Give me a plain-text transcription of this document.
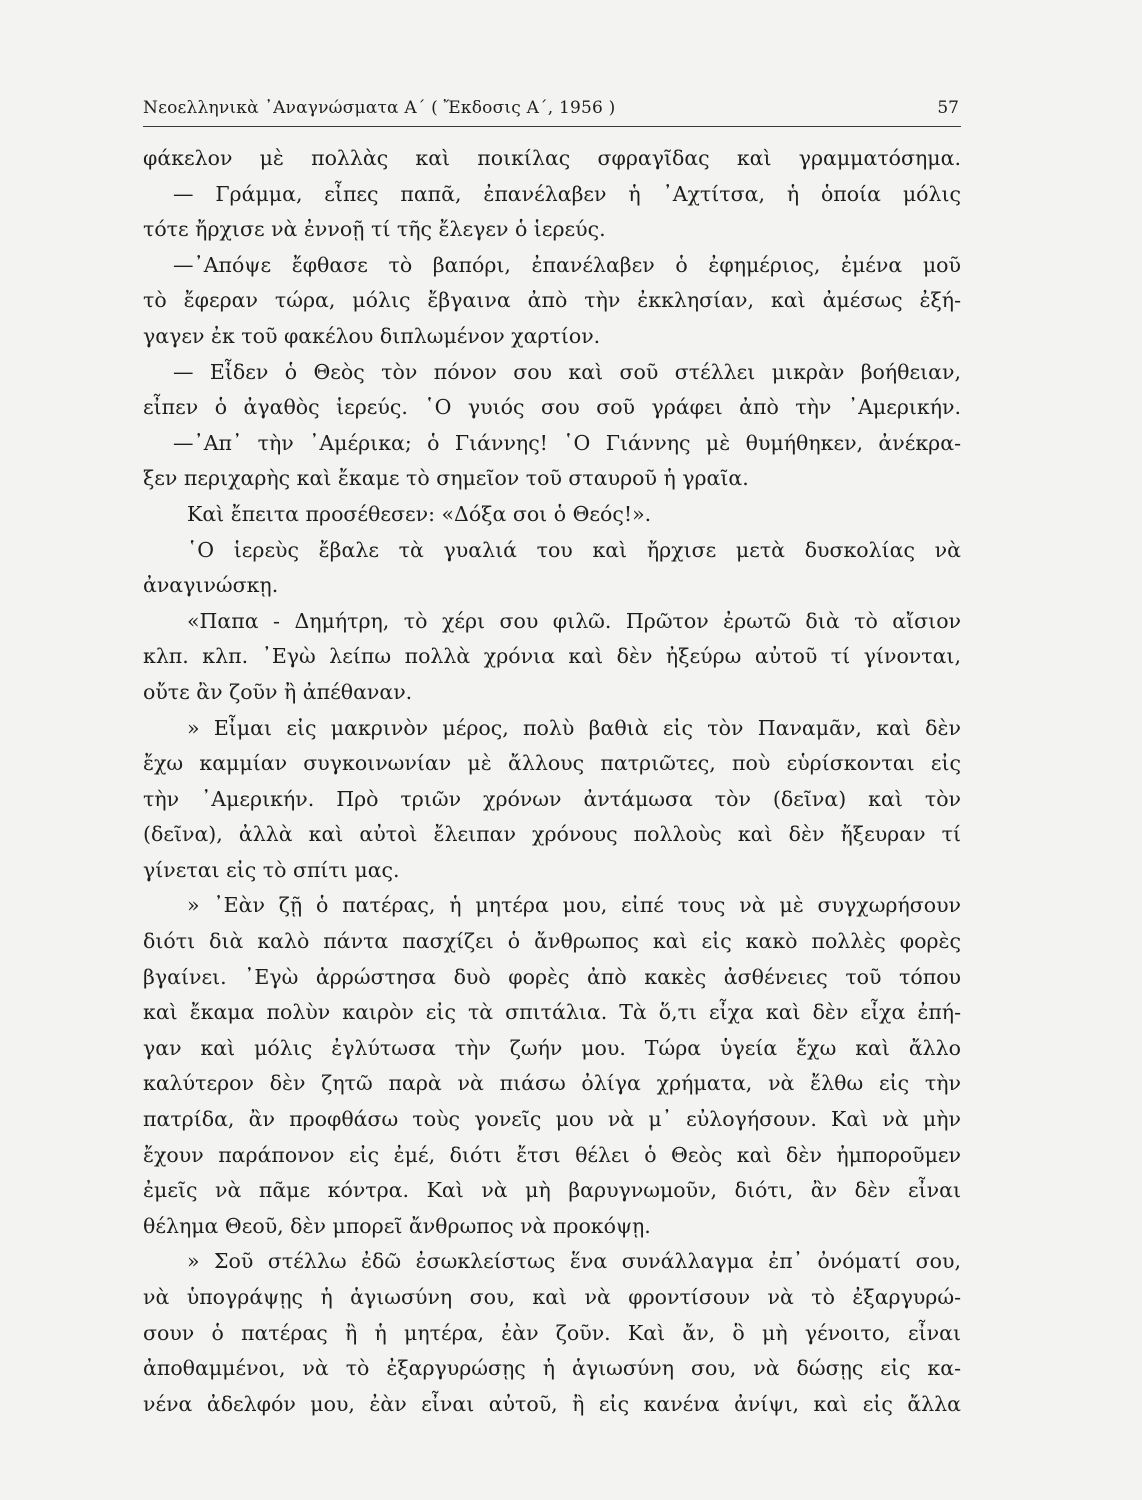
Νεοελληνικὰ ᾿Αναγνώσματα Α΄ ( Ἔκδοσις Α΄, 1956 )	57
φάκελον μὲ πολλὰς καὶ ποικίλας σφραγῖδας καὶ γραμματόσημα.
— Γράμμα, εἶπες παπᾶ, ἐπανέλαβεν ἡ ᾿Αχτίτσα, ἡ ὁποία μόλις
τότε ἤρχισε νὰ ἐννοῇ τί τῆς ἔλεγεν ὁ ἱερεύς.
—᾿Απόψε ἔφθασε τὸ βαπόρι, ἐπανέλαβεν ὁ ἐφημέριος, ἐμένα μοῦ
τὸ ἔφεραν τώρα, μόλις ἔβγαινα ἀπὸ τὴν ἐκκλησίαν, καὶ ἀμέσως ἐξή-
γαγεν ἐκ τοῦ φακέλου διπλωμένον χαρτίον.
— Εἶδεν ὁ Θεὸς τὸν πόνον σου καὶ σοῦ στέλλει μικρὰν βοήθειαν,
εἶπεν ὁ ἀγαθὸς ἱερεύς. ῾Ο γυιός σου σοῦ γράφει ἀπὸ τὴν ᾿Αμερικήν.
—᾿Απ᾿ τὴν ᾿Αμέρικα; ὁ Γιάννης! ῾Ο Γιάννης μὲ θυμήθηκεν, ἀνέκρα-
ξεν περιχαρὴς καὶ ἔκαμε τὸ σημεῖον τοῦ σταυροῦ ἡ γραῖα.
Καὶ ἔπειτα προσέθεσεν: «Δόξα σοι ὁ Θεός!».
῾Ο ἱερεὺς ἔβαλε τὰ γυαλιά του καὶ ἤρχισε μετὰ δυσκολίας νὰ
ἀναγινώσκῃ.
«Παπα - Δημήτρη, τὸ χέρι σου φιλῶ. Πρῶτον ἐρωτῶ διὰ τὸ αἴσιον
κλπ. κλπ. ᾿Εγὼ λείπω πολλὰ χρόνια καὶ δὲν ἠξεύρω αὐτοῦ τί γίνονται,
οὔτε ἂν ζοῦν ἢ ἀπέθαναν.
» Εἶμαι εἰς μακρινὸν μέρος, πολὺ βαθιὰ εἰς τὸν Παναμᾶν, καὶ δὲν
ἔχω καμμίαν συγκοινωνίαν μὲ ἄλλους πατριῶτες, ποὺ εὑρίσκονται εἰς
τὴν ᾿Αμερικήν. Πρὸ τριῶν χρόνων ἀντάμωσα τὸν (δεῖνα) καὶ τὸν
(δεῖνα), ἀλλὰ καὶ αὐτοὶ ἔλειπαν χρόνους πολλοὺς καὶ δὲν ἤξευραν τί
γίνεται εἰς τὸ σπίτι μας.
» ᾿Εὰν ζῇ ὁ πατέρας, ἡ μητέρα μου, εἰπέ τους νὰ μὲ συγχωρήσουν
διότι διὰ καλὸ πάντα πασχίζει ὁ ἄνθρωπος καὶ εἰς κακὸ πολλὲς φορὲς
βγαίνει. ᾿Εγὼ ἀρρώστησα δυὸ φορὲς ἀπὸ κακὲς ἀσθένειες τοῦ τόπου
καὶ ἔκαμα πολὺν καιρὸν εἰς τὰ σπιτάλια. Τὰ ὅ,τι εἶχα καὶ δὲν εἶχα ἐπή-
γαν καὶ μόλις ἐγλύτωσα τὴν ζωήν μου. Τώρα ὑγεία ἔχω καὶ ἄλλο
καλύτερον δὲν ζητῶ παρὰ νὰ πιάσω ὀλίγα χρήματα, νὰ ἔλθω εἰς τὴν
πατρίδα, ἂν προφθάσω τοὺς γονεῖς μου νὰ μ᾿ εὐλογήσουν. Καὶ νὰ μὴν
ἔχουν παράπονον εἰς ἐμέ, διότι ἔτσι θέλει ὁ Θεὸς καὶ δὲν ἠμποροῦμεν
ἐμεῖς νὰ πᾶμε κόντρα. Καὶ νὰ μὴ βαρυγνωμοῦν, διότι, ἂν δὲν εἶναι
θέλημα Θεοῦ, δὲν μπορεῖ ἄνθρωπος νὰ προκόψῃ.
» Σοῦ στέλλω ἐδῶ ἐσωκλείστως ἕνα συνάλλαγμα ἐπ᾿ ὀνόματί σου,
νὰ ὑπογράψῃς ἡ ἁγιωσύνη σου, καὶ νὰ φροντίσουν νὰ τὸ ἐξαργυρώ-
σουν ὁ πατέρας ἢ ἡ μητέρα, ἐὰν ζοῦν. Καὶ ἄν, ὃ μὴ γένοιτο, εἶναι
ἀποθαμμένοι, νὰ τὸ ἐξαργυρώσῃς ἡ ἁγιωσύνη σου, νὰ δώσῃς εἰς κα-
νένα ἀδελφόν μου, ἐὰν εἶναι αὐτοῦ, ἢ εἰς κανένα ἀνίψι, καὶ εἰς ἄλλα
